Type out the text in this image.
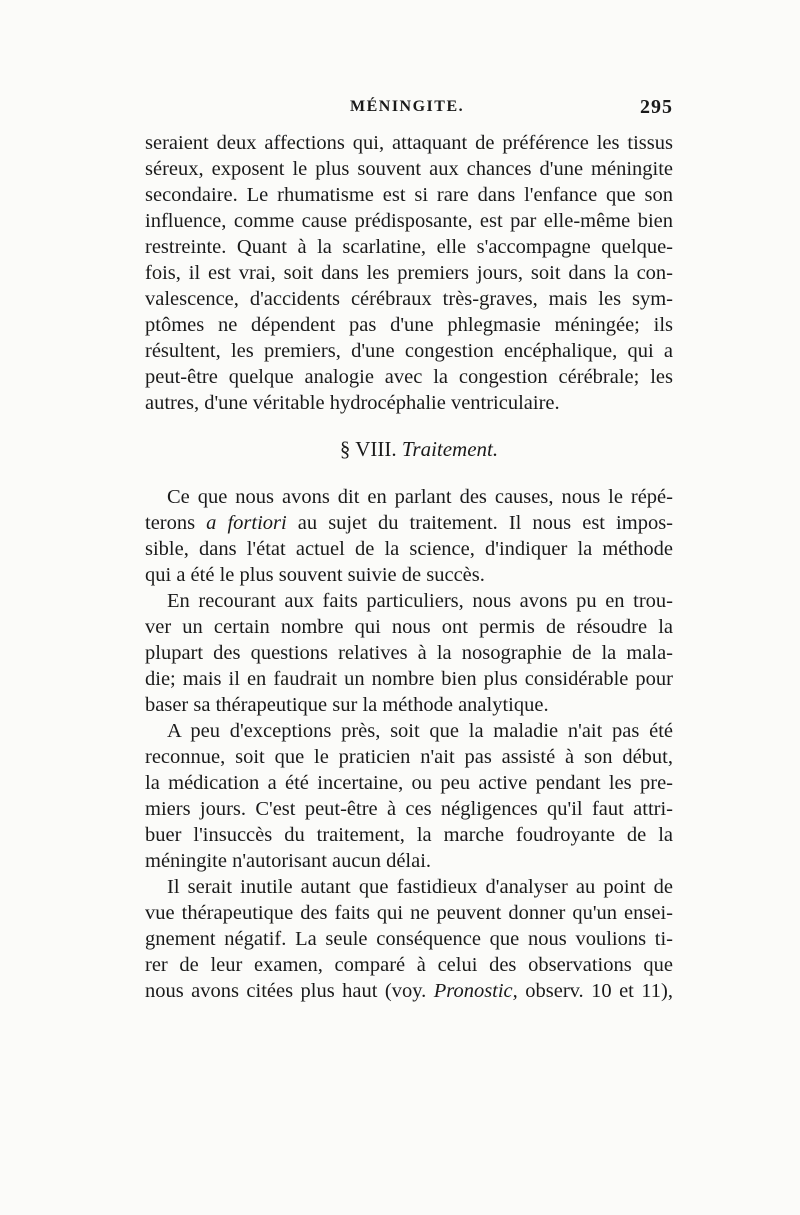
MÉNINGITE.	295
seraient deux affections qui, attaquant de préférence les tissus
séreux, exposent le plus souvent aux chances d'une méningite
secondaire. Le rhumatisme est si rare dans l'enfance que son
influence, comme cause prédisposante, est par elle-même bien
restreinte. Quant à la scarlatine, elle s'accompagne quelque-
fois, il est vrai, soit dans les premiers jours, soit dans la con-
valescence, d'accidents cérébraux très-graves, mais les sym-
ptômes ne dépendent pas d'une phlegmasie méningée; ils
résultent, les premiers, d'une congestion encéphalique, qui a
peut-être quelque analogie avec la congestion cérébrale; les
autres, d'une véritable hydrocéphalie ventriculaire.
§ VIII. Traitement.
Ce que nous avons dit en parlant des causes, nous le répé-
terons a fortiori au sujet du traitement. Il nous est impos-
sible, dans l'état actuel de la science, d'indiquer la méthode
qui a été le plus souvent suivie de succès.
En recourant aux faits particuliers, nous avons pu en trou-
ver un certain nombre qui nous ont permis de résoudre la
plupart des questions relatives à la nosographie de la mala-
die; mais il en faudrait un nombre bien plus considérable pour
baser sa thérapeutique sur la méthode analytique.
A peu d'exceptions près, soit que la maladie n'ait pas été
reconnue, soit que le praticien n'ait pas assisté à son début,
la médication a été incertaine, ou peu active pendant les pre-
miers jours. C'est peut-être à ces négligences qu'il faut attri-
buer l'insuccès du traitement, la marche foudroyante de la
méningite n'autorisant aucun délai.
Il serait inutile autant que fastidieux d'analyser au point de
vue thérapeutique des faits qui ne peuvent donner qu'un ensei-
gnement négatif. La seule conséquence que nous voulions ti-
rer de leur examen, comparé à celui des observations que
nous avons citées plus haut (voy. Pronostic, observ. 10 et 11),
